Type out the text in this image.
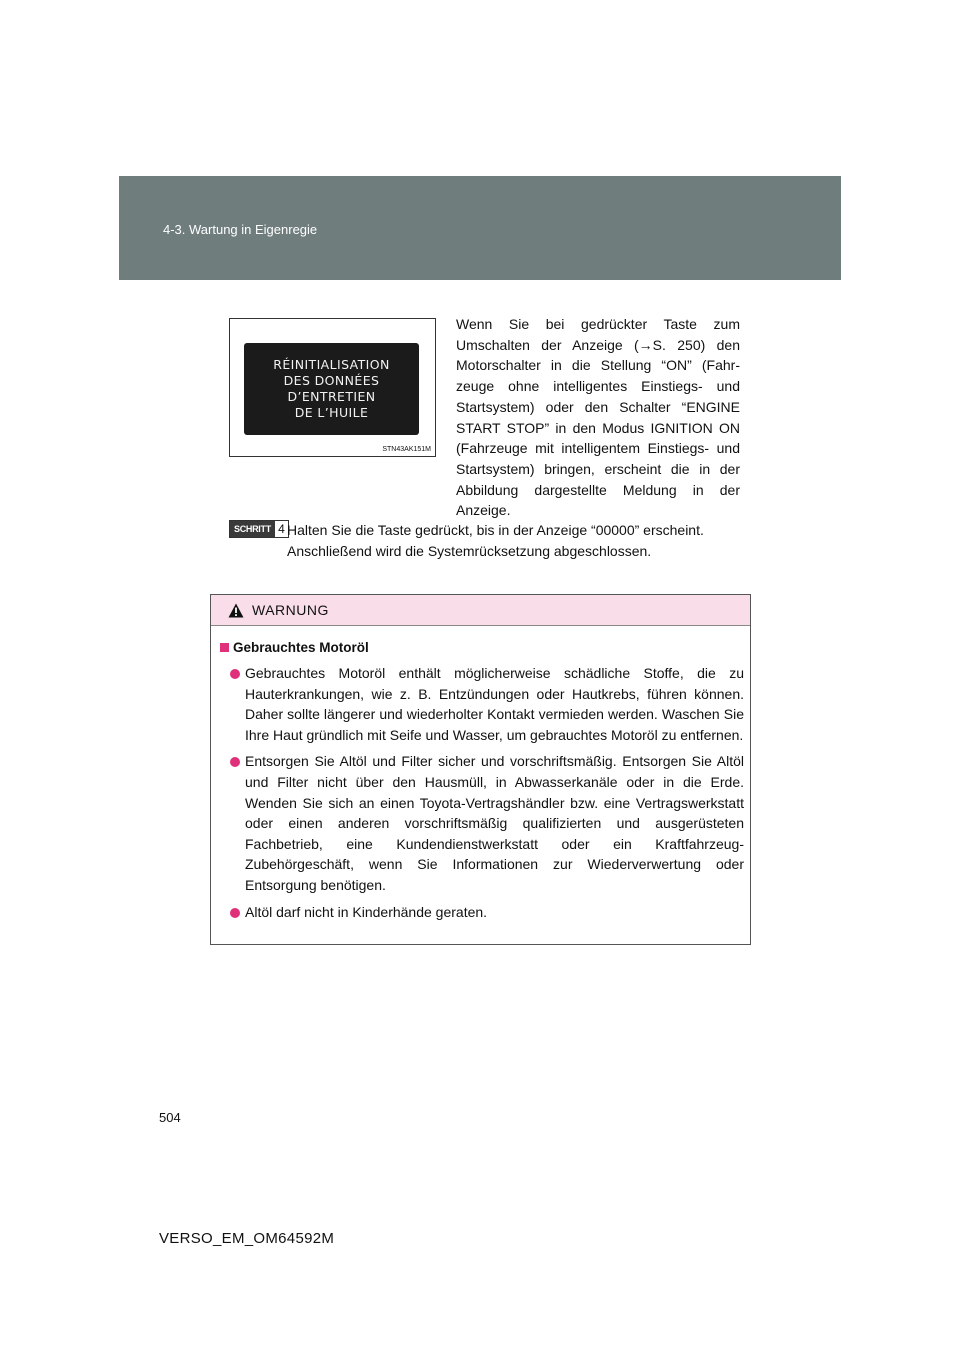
4-3. Wartung in Eigenregie
RÉINITIALISATION
DES DONNÉES
D’ENTRETIEN
DE L’HUILE
STN43AK151M

Wenn Sie bei gedrückter Taste zum Umschalten der Anzeige (→S. 250) den Motorschalter in die Stellung “ON” (Fahrzeuge ohne intelligentes Einstiegs- und Startsystem) oder den Schalter “ENGINE START STOP” in den Modus IGNITION ON (Fahrzeuge mit intelligentem Einstiegs- und Startsystem) bringen, erscheint die in der Abbildung dargestellte Meldung in der Anzeige.

SCHRITT 4 Halten Sie die Taste gedrückt, bis in der Anzeige “00000” erscheint. Anschließend wird die Systemrücksetzung abgeschlossen.

WARNUNG
Gebrauchtes Motoröl

Gebrauchtes Motoröl enthält möglicherweise schädliche Stoffe, die zu Hauterkrankungen, wie z. B. Entzündungen oder Hautkrebs, führen können. Daher sollte längerer und wiederholter Kontakt vermieden werden. Waschen Sie Ihre Haut gründlich mit Seife und Wasser, um gebrauchtes Motoröl zu entfernen.

Entsorgen Sie Altöl und Filter sicher und vorschriftsmäßig. Entsorgen Sie Altöl und Filter nicht über den Hausmüll, in Abwasserkanäle oder in die Erde. Wenden Sie sich an einen Toyota-Vertragshändler bzw. eine Vertragswerkstatt oder einen anderen vorschriftsmäßig qualifizierten und ausgerüsteten Fachbetrieb, eine Kundendienstwerkstatt oder ein Kraftfahrzeug-Zubehörgeschäft, wenn Sie Informationen zur Wiederverwertung oder Entsorgung benötigen.

Altöl darf nicht in Kinderhände geraten.

504
VERSO_EM_OM64592M
